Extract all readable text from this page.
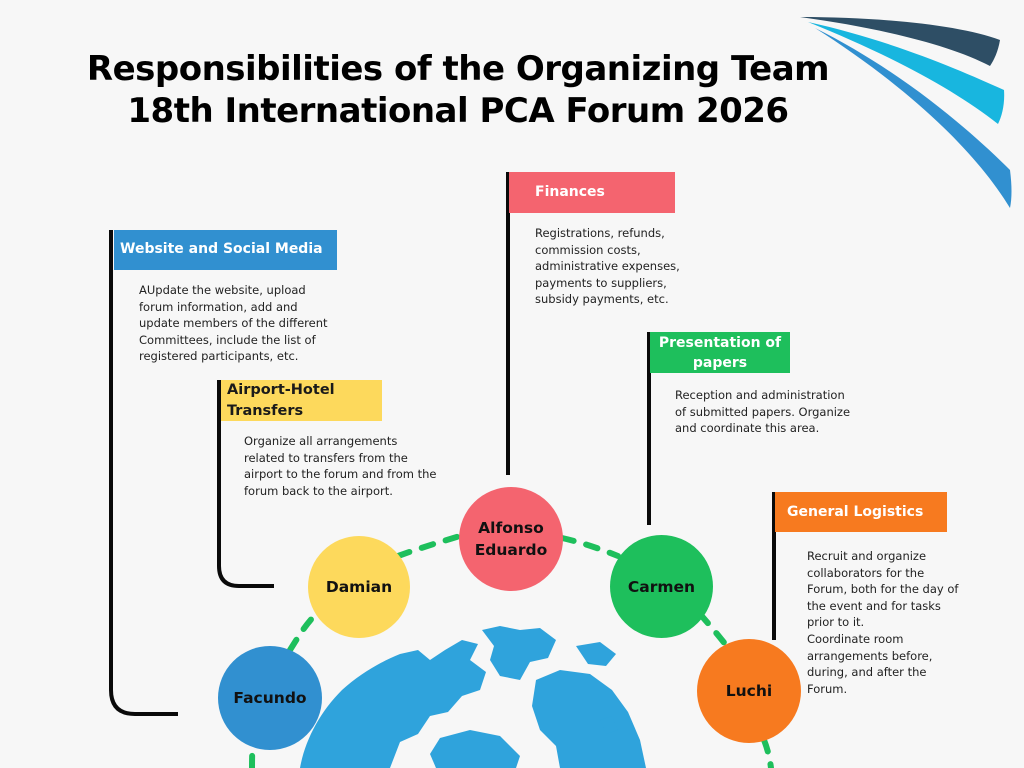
Responsibilities of the Organizing Team
18th International PCA Forum 2026
Website and Social Media

AUpdate the website, upload
forum information, add and
update members of the different
Committees, include the list of
registered participants, etc.

Finances

Registrations, refunds,
commission costs,
administrative expenses,
payments to suppliers,
subsidy payments, etc.

Presentation of
papers

Reception and administration
of submitted papers. Organize
and coordinate this area.

Airport-Hotel
Transfers

Organize all arrangements
related to transfers from the
airport to the forum and from the
forum back to the airport.

General Logistics

Recruit and organize
collaborators for the
Forum, both for the day of
the event and for tasks
prior to it.
Coordinate room
arrangements before,
during, and after the
Forum.

Alfonso
Eduardo
Damian	Carmen
Facundo	Luchi
